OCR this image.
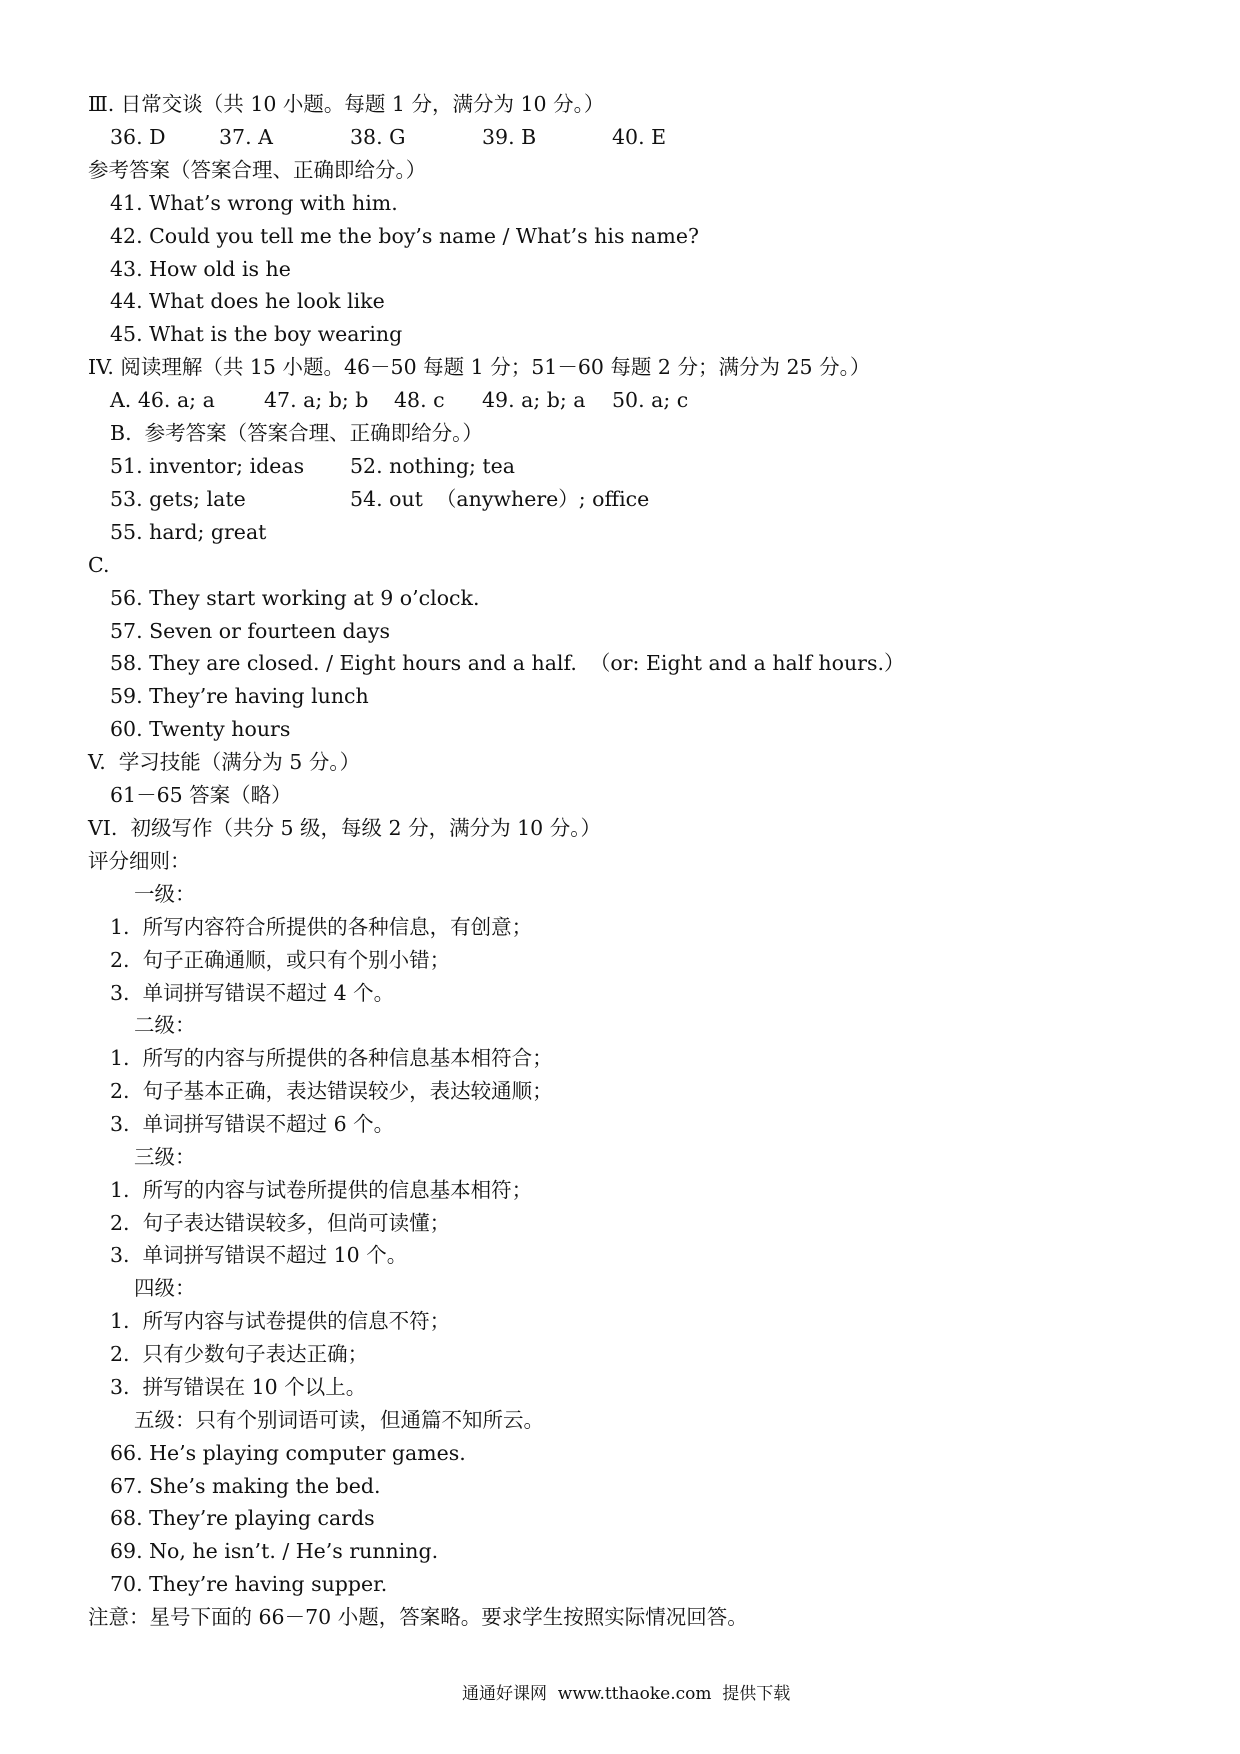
Ⅲ. 日常交谈（共 10 小题。每题 1 分，满分为 10 分。）
36. D	37. A	38. G	39. B	40. E
参考答案（答案合理、正确即给分。）
41. What’s wrong with him.
42. Could you tell me the boy’s name / What’s his name?
43. How old is he
44. What does he look like
45. What is the boy wearing
IV. 阅读理解（共 15 小题。46－50 每题 1 分；51－60 每题 2 分；满分为 25 分。）
A. 46. a; a 47. a; b; b 48. c 49. a; b; a 50. a; c
B.  参考答案（答案合理、正确即给分。）
51. inventor; ideas 52. nothing; tea
53. gets; late	54. out  （anywhere）; office
55. hard; great
C.
56. They start working at 9 o’clock.
57. Seven or fourteen days
58. They are closed. / Eight hours and a half.  （or: Eight and a half hours.）
59. They’re having lunch
60. Twenty hours
V.  学习技能（满分为 5 分。）
61－65 答案（略）
VI.  初级写作（共分 5 级，每级 2 分，满分为 10 分。）
评分细则：
一级：
1.  所写内容符合所提供的各种信息，有创意；
2.  句子正确通顺，或只有个别小错；
3.  单词拼写错误不超过 4 个。
二级：
1.  所写的内容与所提供的各种信息基本相符合；
2.  句子基本正确，表达错误较少，表达较通顺；
3.  单词拼写错误不超过 6 个。
三级：
1.  所写的内容与试卷所提供的信息基本相符；
2.  句子表达错误较多，但尚可读懂；
3.  单词拼写错误不超过 10 个。
四级：
1.  所写内容与试卷提供的信息不符；
2.  只有少数句子表达正确；
3.  拼写错误在 10 个以上。
五级：只有个别词语可读，但通篇不知所云。
66. He’s playing computer games.
67. She’s making the bed.
68. They’re playing cards
69. No, he isn’t. / He’s running.
70. They’re having supper.
注意：星号下面的 66－70 小题，答案略。要求学生按照实际情况回答。
通通好课网  www.tthaoke.com  提供下载
